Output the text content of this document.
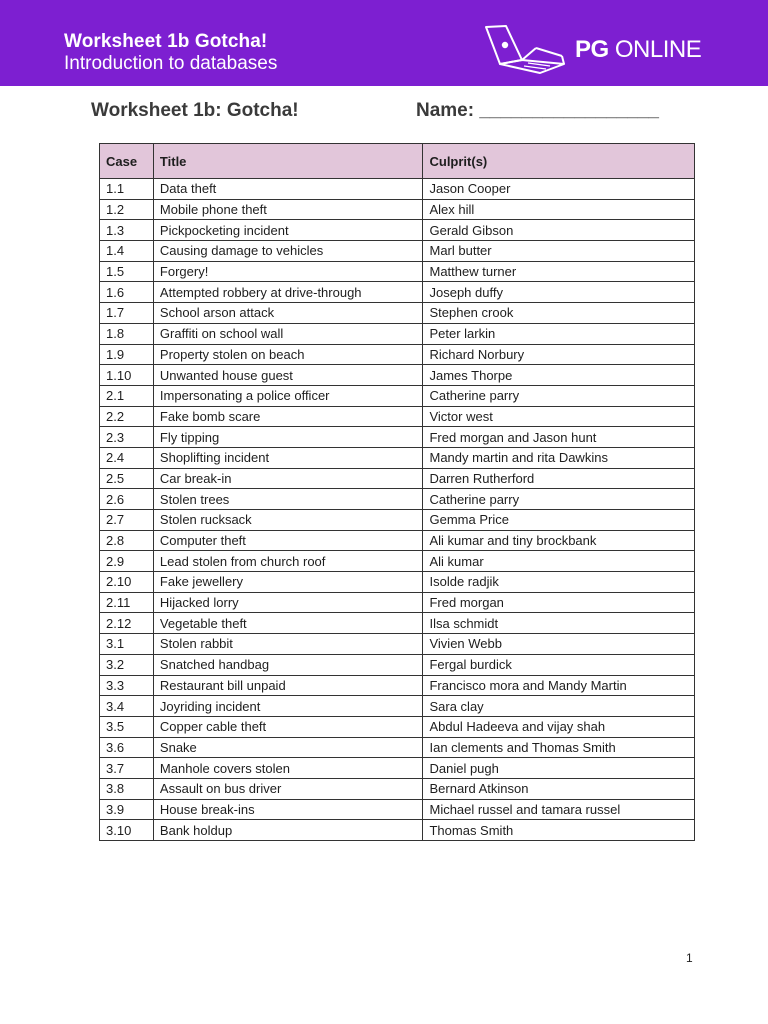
Worksheet 1b Gotcha!
Introduction to databases
PG ONLINE
Worksheet 1b: Gotcha!	Name: _________________
Case	Title	Culprit(s)
1.1	Data theft	Jason Cooper
1.2	Mobile phone theft	Alex hill
1.3	Pickpocketing incident	Gerald Gibson
1.4	Causing damage to vehicles	Marl butter
1.5	Forgery!	Matthew turner
1.6	Attempted robbery at drive-through	Joseph duffy
1.7	School arson attack	Stephen crook
1.8	Graffiti on school wall	Peter larkin
1.9	Property stolen on beach	Richard Norbury
1.10	Unwanted house guest	James Thorpe
2.1	Impersonating a police officer	Catherine parry
2.2	Fake bomb scare	Victor west
2.3	Fly tipping	Fred morgan and Jason hunt
2.4	Shoplifting incident	Mandy martin and rita Dawkins
2.5	Car break-in	Darren Rutherford
2.6	Stolen trees	Catherine parry
2.7	Stolen rucksack	Gemma Price
2.8	Computer theft	Ali kumar and tiny brockbank
2.9	Lead stolen from church roof	Ali kumar
2.10	Fake jewellery	Isolde radjik
2.11	Hijacked lorry	Fred morgan
2.12	Vegetable theft	Ilsa schmidt
3.1	Stolen rabbit	Vivien Webb
3.2	Snatched handbag	Fergal burdick
3.3	Restaurant bill unpaid	Francisco mora and Mandy Martin
3.4	Joyriding incident	Sara clay
3.5	Copper cable theft	Abdul Hadeeva and vijay shah
3.6	Snake	Ian clements and Thomas Smith
3.7	Manhole covers stolen	Daniel pugh
3.8	Assault on bus driver	Bernard Atkinson
3.9	House break-ins	Michael russel and tamara russel
3.10	Bank holdup	Thomas Smith
1
